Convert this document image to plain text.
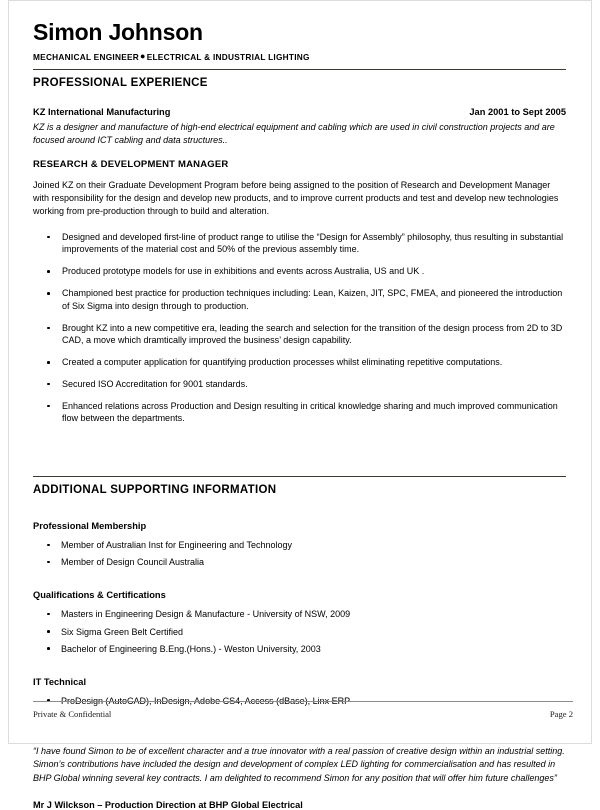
Simon Johnson
MECHANICAL ENGINEER●ELECTRICAL & INDUSTRIAL LIGHTING
PROFESSIONAL EXPERIENCE
KZ International Manufacturing	Jan 2001 to Sept 2005
KZ is a designer and manufacture of high-end electrical equipment and cabling which are used in civil construction projects and are focused around ICT cabling and data structures..
RESEARCH & DEVELOPMENT MANAGER
Joined KZ on their Graduate Development Program before being assigned to the position of Research and Development Manager with responsibility for the design and develop new products, and to improve current products and test and develop new technologies working from pre-production through to build and alteration.
Designed and developed first-line of product range to utilise the “Design for Assembly” philosophy, thus resulting in substantial improvements of the material cost and 50% of the previous assembly time.
Produced prototype models for use in exhibitions and events across Australia, US and UK .
Championed best practice for production techniques including: Lean, Kaizen, JIT, SPC, FMEA, and pioneered the introduction of Six Sigma into design through to production.
Brought KZ into a new competitive era, leading the search and selection for the transition of the design process from 2D to 3D CAD, a move which dramtically improved the business’ design capability.
Created a computer application for quantifying production processes whilst eliminating repetitive computations.
Secured ISO Accreditation for 9001 standards.
Enhanced relations across Production and Design resulting in critical knowledge sharing and much improved communication flow between the departments.
ADDITIONAL SUPPORTING INFORMATION
Professional Membership
Member of Australian Inst for Engineering and Technology
Member of Design Council Australia
Qualifications & Certifications
Masters in Engineering Design & Manufacture - University of NSW, 2009
Six Sigma Green Belt Certified
Bachelor of Engineering B.Eng.(Hons.) - Weston University, 2003
IT Technical
ProDesign (AutoCAD), InDesign, Adobe CS4, Access (dBase), Linx ERP
“I have found Simon to be of excellent character and a true innovator with a real passion of creative design within an industrial setting. Simon’s contributions have included the design and development of complex LED lighting for commercialisation and has resulted in BHP Global winning several key contracts. I am delighted to recommend Simon for any position that will offer him future challenges”
Mr J Wilckson – Production Direction at BHP Global Electrical
Private & Confidential	Page 2
